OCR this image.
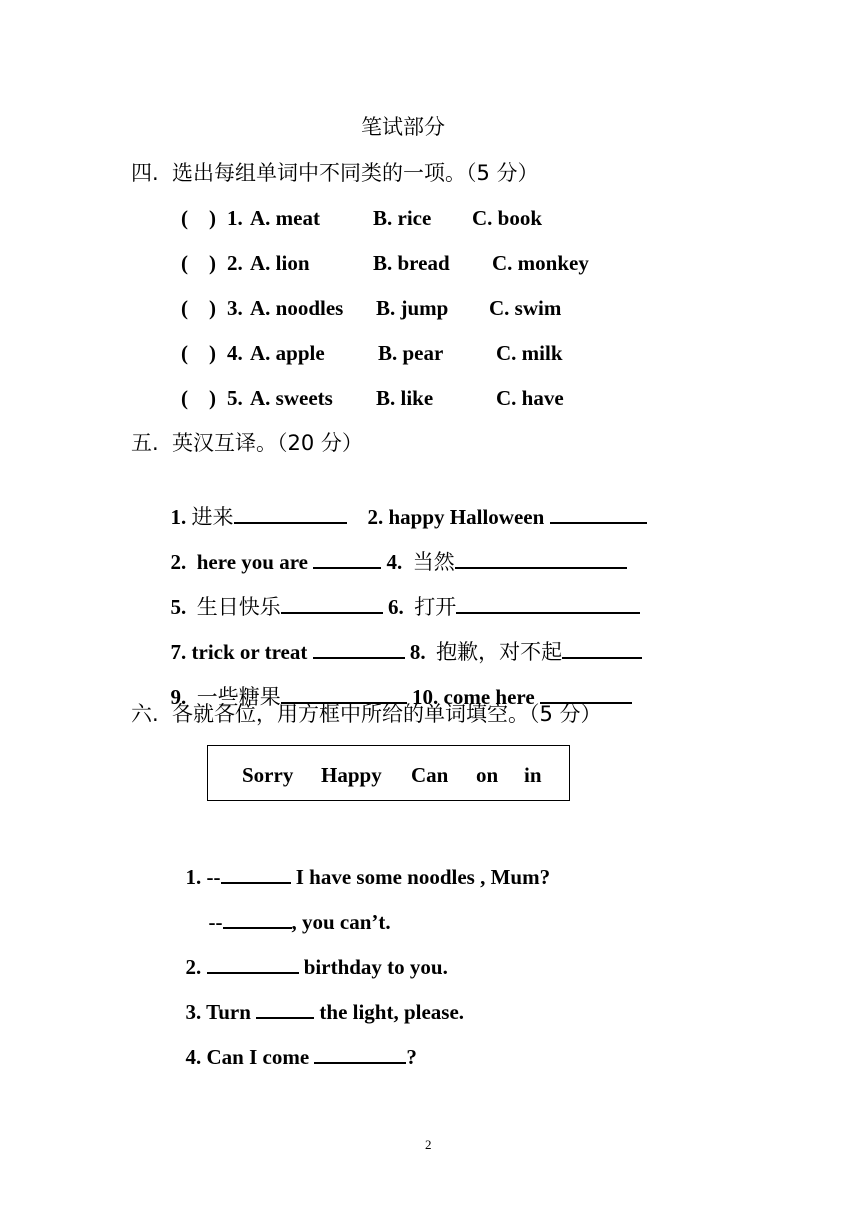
笔试部分
四.  选出每组单词中不同类的一项。（5 分）
(    ) 1. A. meat	B. rice C. book
(    ) 2. A. lion	B. bread C. monkey
(    ) 3. A. noodles B. jump C. swim
(    ) 4. A. apple	B. pear	C. milk
(    ) 5. A. sweets B. like	C. have
五.  英汉互译。（20 分）

1. 进来	2. happy Halloween

2. here you are	4. 当然

5. 生日快乐	6. 打开

7. trick or treat	8. 抱歉，对不起

9. 一些糖果	10. come here

六.  各就各位，用方框中所给的单词填空。（5 分）
Sorry Happy Can on in

1. --	I have some noodles , Mum?

--	, you can’t.

2.	birthday to you.

3. Turn	the light, please.

4. Can I come	?

2
